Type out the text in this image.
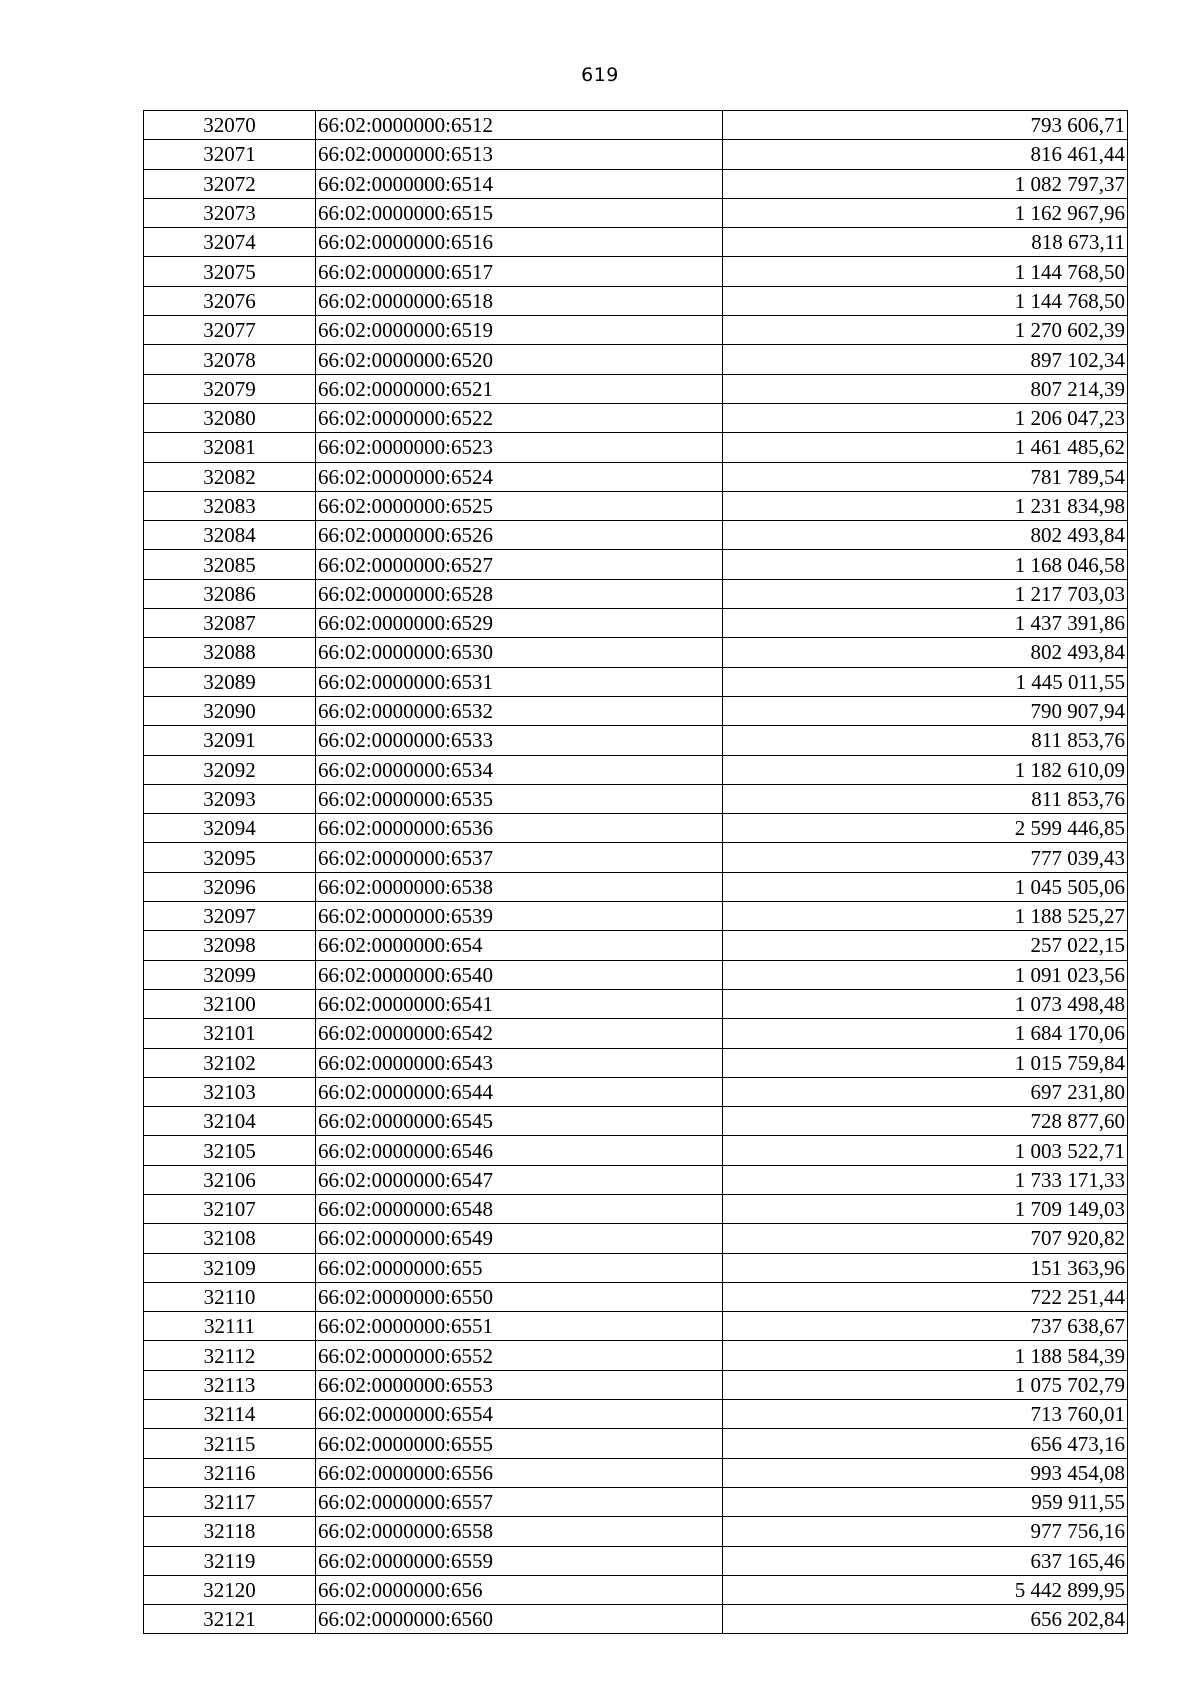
619
32070	66:02:0000000:6512	793 606,71
32071	66:02:0000000:6513	816 461,44
32072	66:02:0000000:6514	1 082 797,37
32073	66:02:0000000:6515	1 162 967,96
32074	66:02:0000000:6516	818 673,11
32075	66:02:0000000:6517	1 144 768,50
32076	66:02:0000000:6518	1 144 768,50
32077	66:02:0000000:6519	1 270 602,39
32078	66:02:0000000:6520	897 102,34
32079	66:02:0000000:6521	807 214,39
32080	66:02:0000000:6522	1 206 047,23
32081	66:02:0000000:6523	1 461 485,62
32082	66:02:0000000:6524	781 789,54
32083	66:02:0000000:6525	1 231 834,98
32084	66:02:0000000:6526	802 493,84
32085	66:02:0000000:6527	1 168 046,58
32086	66:02:0000000:6528	1 217 703,03
32087	66:02:0000000:6529	1 437 391,86
32088	66:02:0000000:6530	802 493,84
32089	66:02:0000000:6531	1 445 011,55
32090	66:02:0000000:6532	790 907,94
32091	66:02:0000000:6533	811 853,76
32092	66:02:0000000:6534	1 182 610,09
32093	66:02:0000000:6535	811 853,76
32094	66:02:0000000:6536	2 599 446,85
32095	66:02:0000000:6537	777 039,43
32096	66:02:0000000:6538	1 045 505,06
32097	66:02:0000000:6539	1 188 525,27
32098	66:02:0000000:654	257 022,15
32099	66:02:0000000:6540	1 091 023,56
32100	66:02:0000000:6541	1 073 498,48
32101	66:02:0000000:6542	1 684 170,06
32102	66:02:0000000:6543	1 015 759,84
32103	66:02:0000000:6544	697 231,80
32104	66:02:0000000:6545	728 877,60
32105	66:02:0000000:6546	1 003 522,71
32106	66:02:0000000:6547	1 733 171,33
32107	66:02:0000000:6548	1 709 149,03
32108	66:02:0000000:6549	707 920,82
32109	66:02:0000000:655	151 363,96
32110	66:02:0000000:6550	722 251,44
32111	66:02:0000000:6551	737 638,67
32112	66:02:0000000:6552	1 188 584,39
32113	66:02:0000000:6553	1 075 702,79
32114	66:02:0000000:6554	713 760,01
32115	66:02:0000000:6555	656 473,16
32116	66:02:0000000:6556	993 454,08
32117	66:02:0000000:6557	959 911,55
32118	66:02:0000000:6558	977 756,16
32119	66:02:0000000:6559	637 165,46
32120	66:02:0000000:656	5 442 899,95
32121	66:02:0000000:6560	656 202,84
